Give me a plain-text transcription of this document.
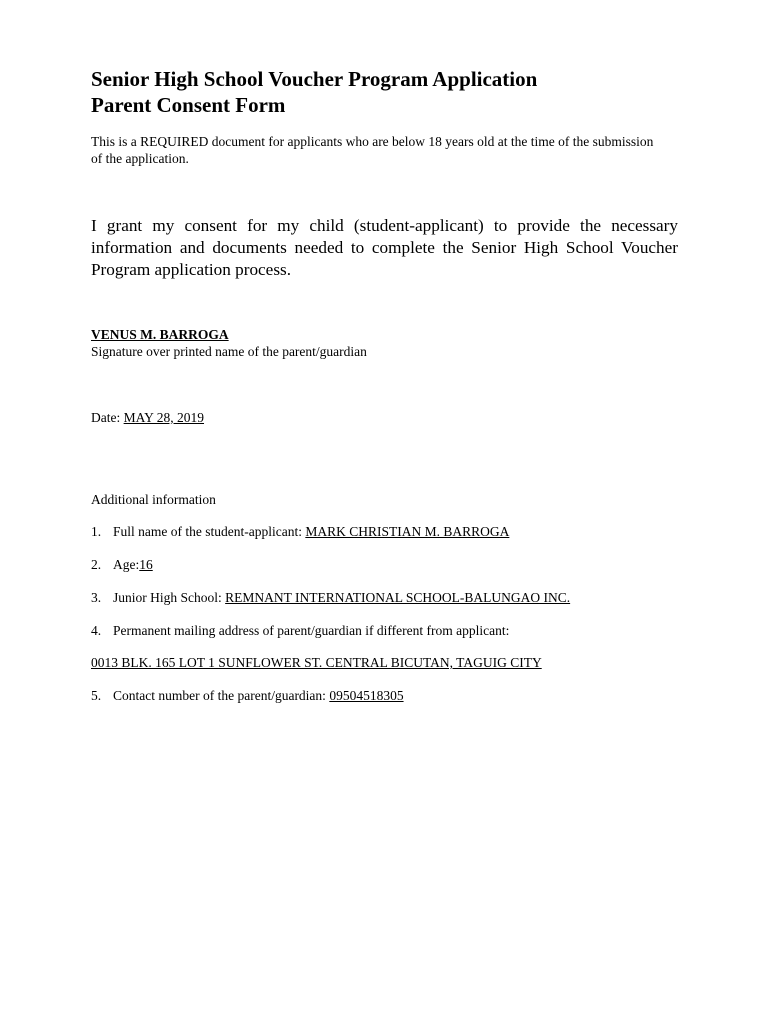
Senior High School Voucher Program Application
Parent Consent Form
This is a REQUIRED document for applicants who are below 18 years old at the time of the submission
of the application.
I grant my consent for my child (student-applicant) to provide the necessary information and documents needed to complete the Senior High School Voucher Program application process.
VENUS M. BARROGA
Signature over printed name of the parent/guardian
Date: MAY 28, 2019
Additional information
1. Full name of the student-applicant: MARK CHRISTIAN M. BARROGA
2. Age:16
3. Junior High School: REMNANT INTERNATIONAL SCHOOL-BALUNGAO INC.
4. Permanent mailing address of parent/guardian if different from applicant:
0013 BLK. 165 LOT 1 SUNFLOWER ST. CENTRAL BICUTAN, TAGUIG CITY
5. Contact number of the parent/guardian: 09504518305
